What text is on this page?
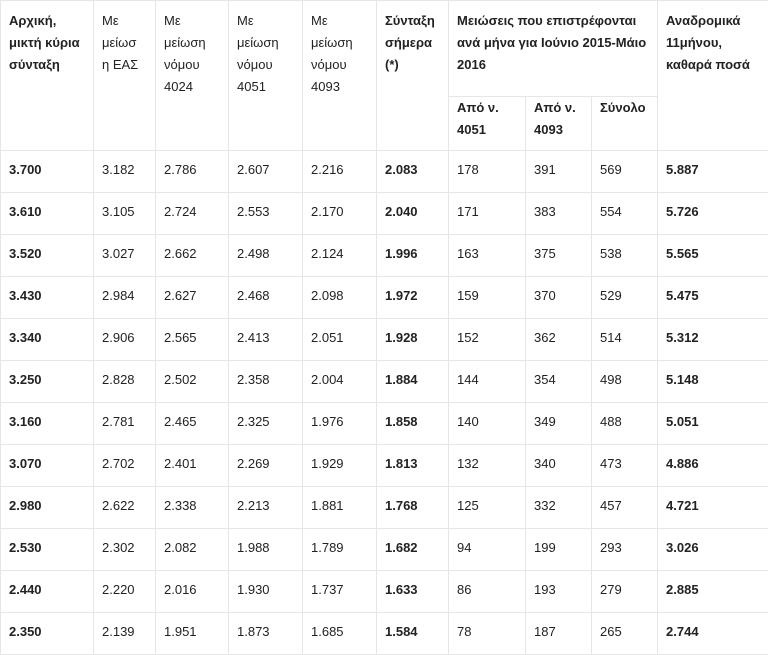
Αρχική, μικτή κύρια σύνταξη	Με μείωσ η ΕΑΣ	Με μείωση νόμου 4024	Με μείωση νόμου 4051	Με μείωση νόμου 4093	Σύνταξη σήμερα (*)	Μειώσεις που επιστρέφονται ανά μήνα για Ιούνιο 2015-Μάιο 2016			Αναδρομικά 11μήνου, καθαρά ποσά
						Από ν. 4051	Από ν. 4093	Σύνολο	
3.700	3.182	2.786	2.607	2.216	2.083	178	391	569	5.887
3.610	3.105	2.724	2.553	2.170	2.040	171	383	554	5.726
3.520	3.027	2.662	2.498	2.124	1.996	163	375	538	5.565
3.430	2.984	2.627	2.468	2.098	1.972	159	370	529	5.475
3.340	2.906	2.565	2.413	2.051	1.928	152	362	514	5.312
3.250	2.828	2.502	2.358	2.004	1.884	144	354	498	5.148
3.160	2.781	2.465	2.325	1.976	1.858	140	349	488	5.051
3.070	2.702	2.401	2.269	1.929	1.813	132	340	473	4.886
2.980	2.622	2.338	2.213	1.881	1.768	125	332	457	4.721
2.530	2.302	2.082	1.988	1.789	1.682	94	199	293	3.026
2.440	2.220	2.016	1.930	1.737	1.633	86	193	279	2.885
2.350	2.139	1.951	1.873	1.685	1.584	78	187	265	2.744
